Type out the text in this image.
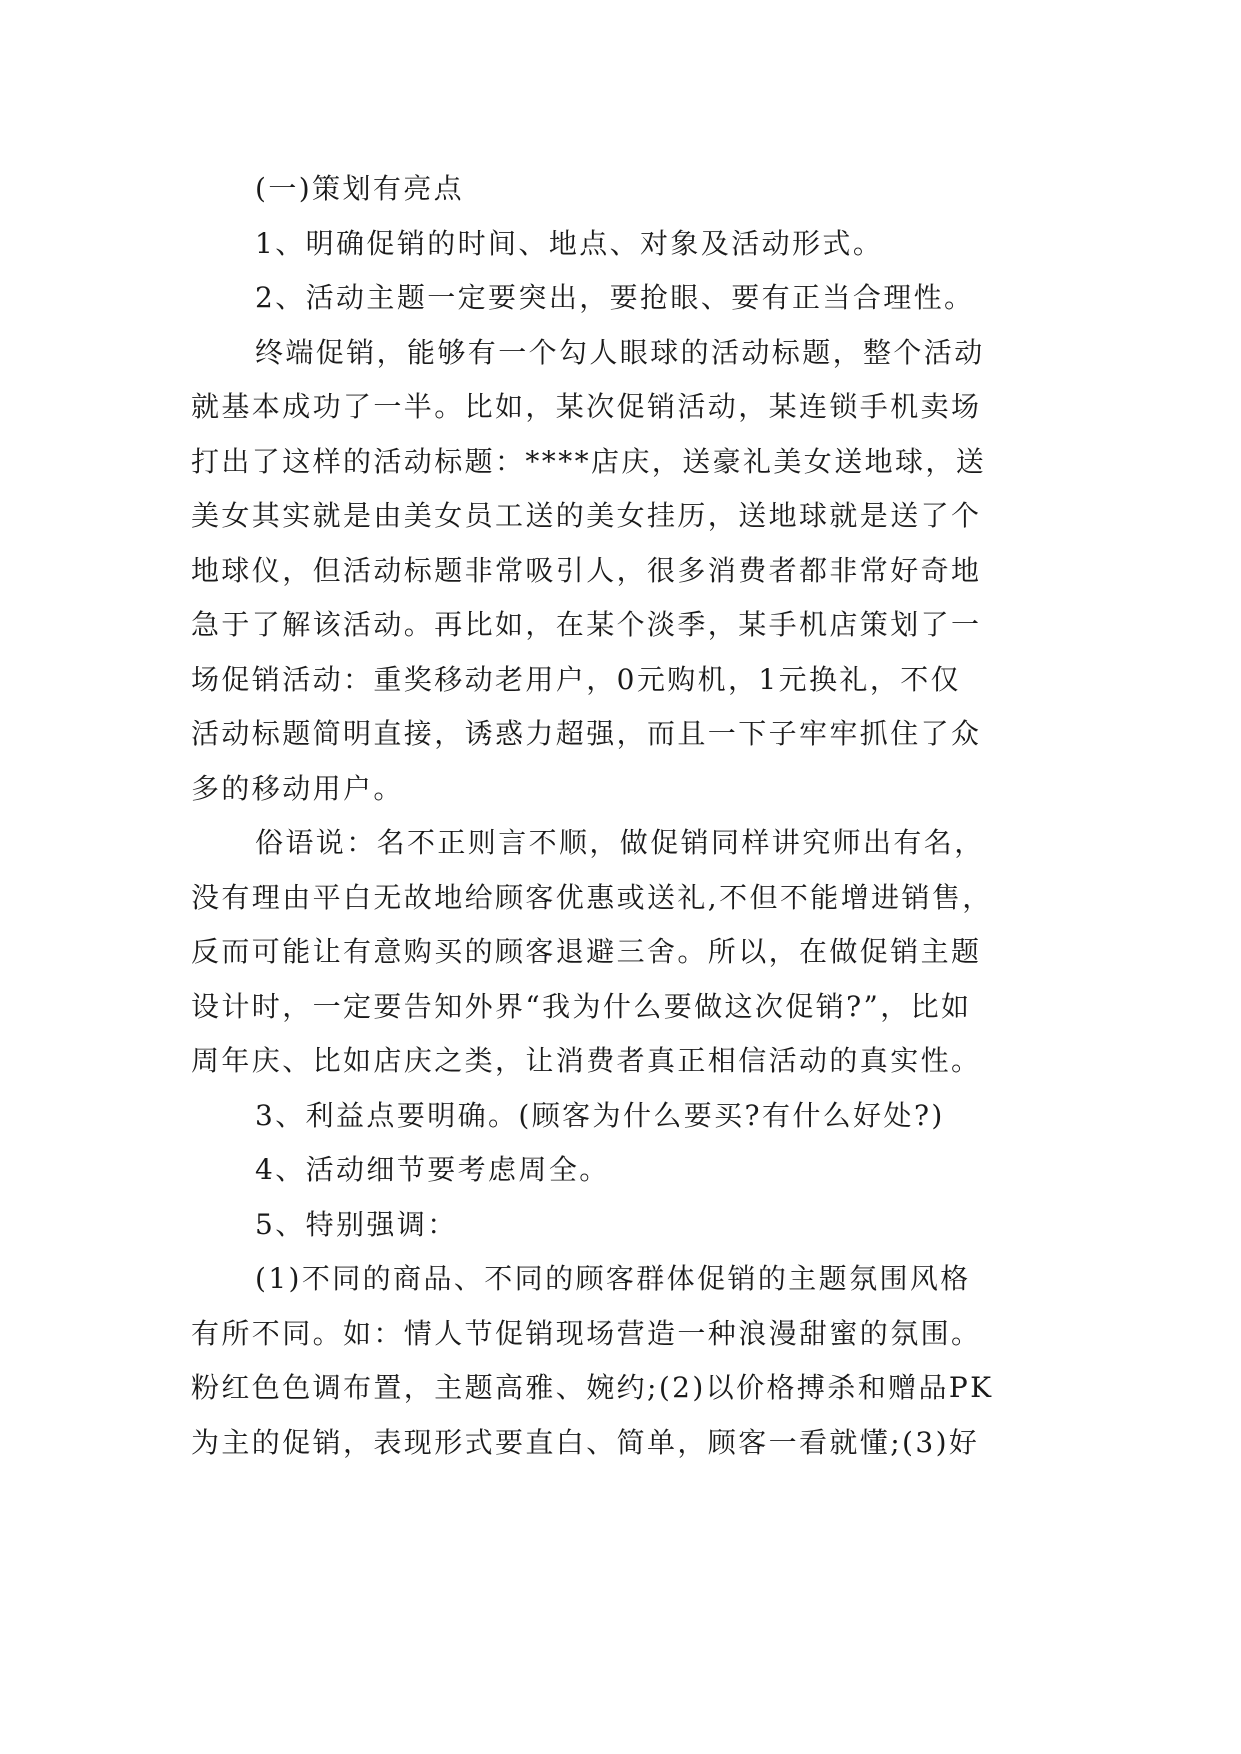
(一)策划有亮点
1、明确促销的时间、地点、对象及活动形式。
2、活动主题一定要突出，要抢眼、要有正当合理性。
终端促销，能够有一个勾人眼球的活动标题，整个活动
就基本成功了一半。比如，某次促销活动，某连锁手机卖场
打出了这样的活动标题：****店庆，送豪礼美女送地球，送
美女其实就是由美女员工送的美女挂历，送地球就是送了个
地球仪，但活动标题非常吸引人，很多消费者都非常好奇地
急于了解该活动。再比如，在某个淡季，某手机店策划了一
场促销活动：重奖移动老用户，0元购机，1元换礼，不仅
活动标题简明直接，诱惑力超强，而且一下子牢牢抓住了众
多的移动用户。
俗语说：名不正则言不顺，做促销同样讲究师出有名，
没有理由平白无故地给顾客优惠或送礼,不但不能增进销售，
反而可能让有意购买的顾客退避三舍。所以，在做促销主题
设计时，一定要告知外界“我为什么要做这次促销?”，比如
周年庆、比如店庆之类，让消费者真正相信活动的真实性。
3、利益点要明确。(顾客为什么要买?有什么好处?)
4、活动细节要考虑周全。
5、特别强调：
(1)不同的商品、不同的顾客群体促销的主题氛围风格
有所不同。如：情人节促销现场营造一种浪漫甜蜜的氛围。
粉红色色调布置，主题高雅、婉约;(2)以价格搏杀和赠品PK
为主的促销，表现形式要直白、简单，顾客一看就懂;(3)好
